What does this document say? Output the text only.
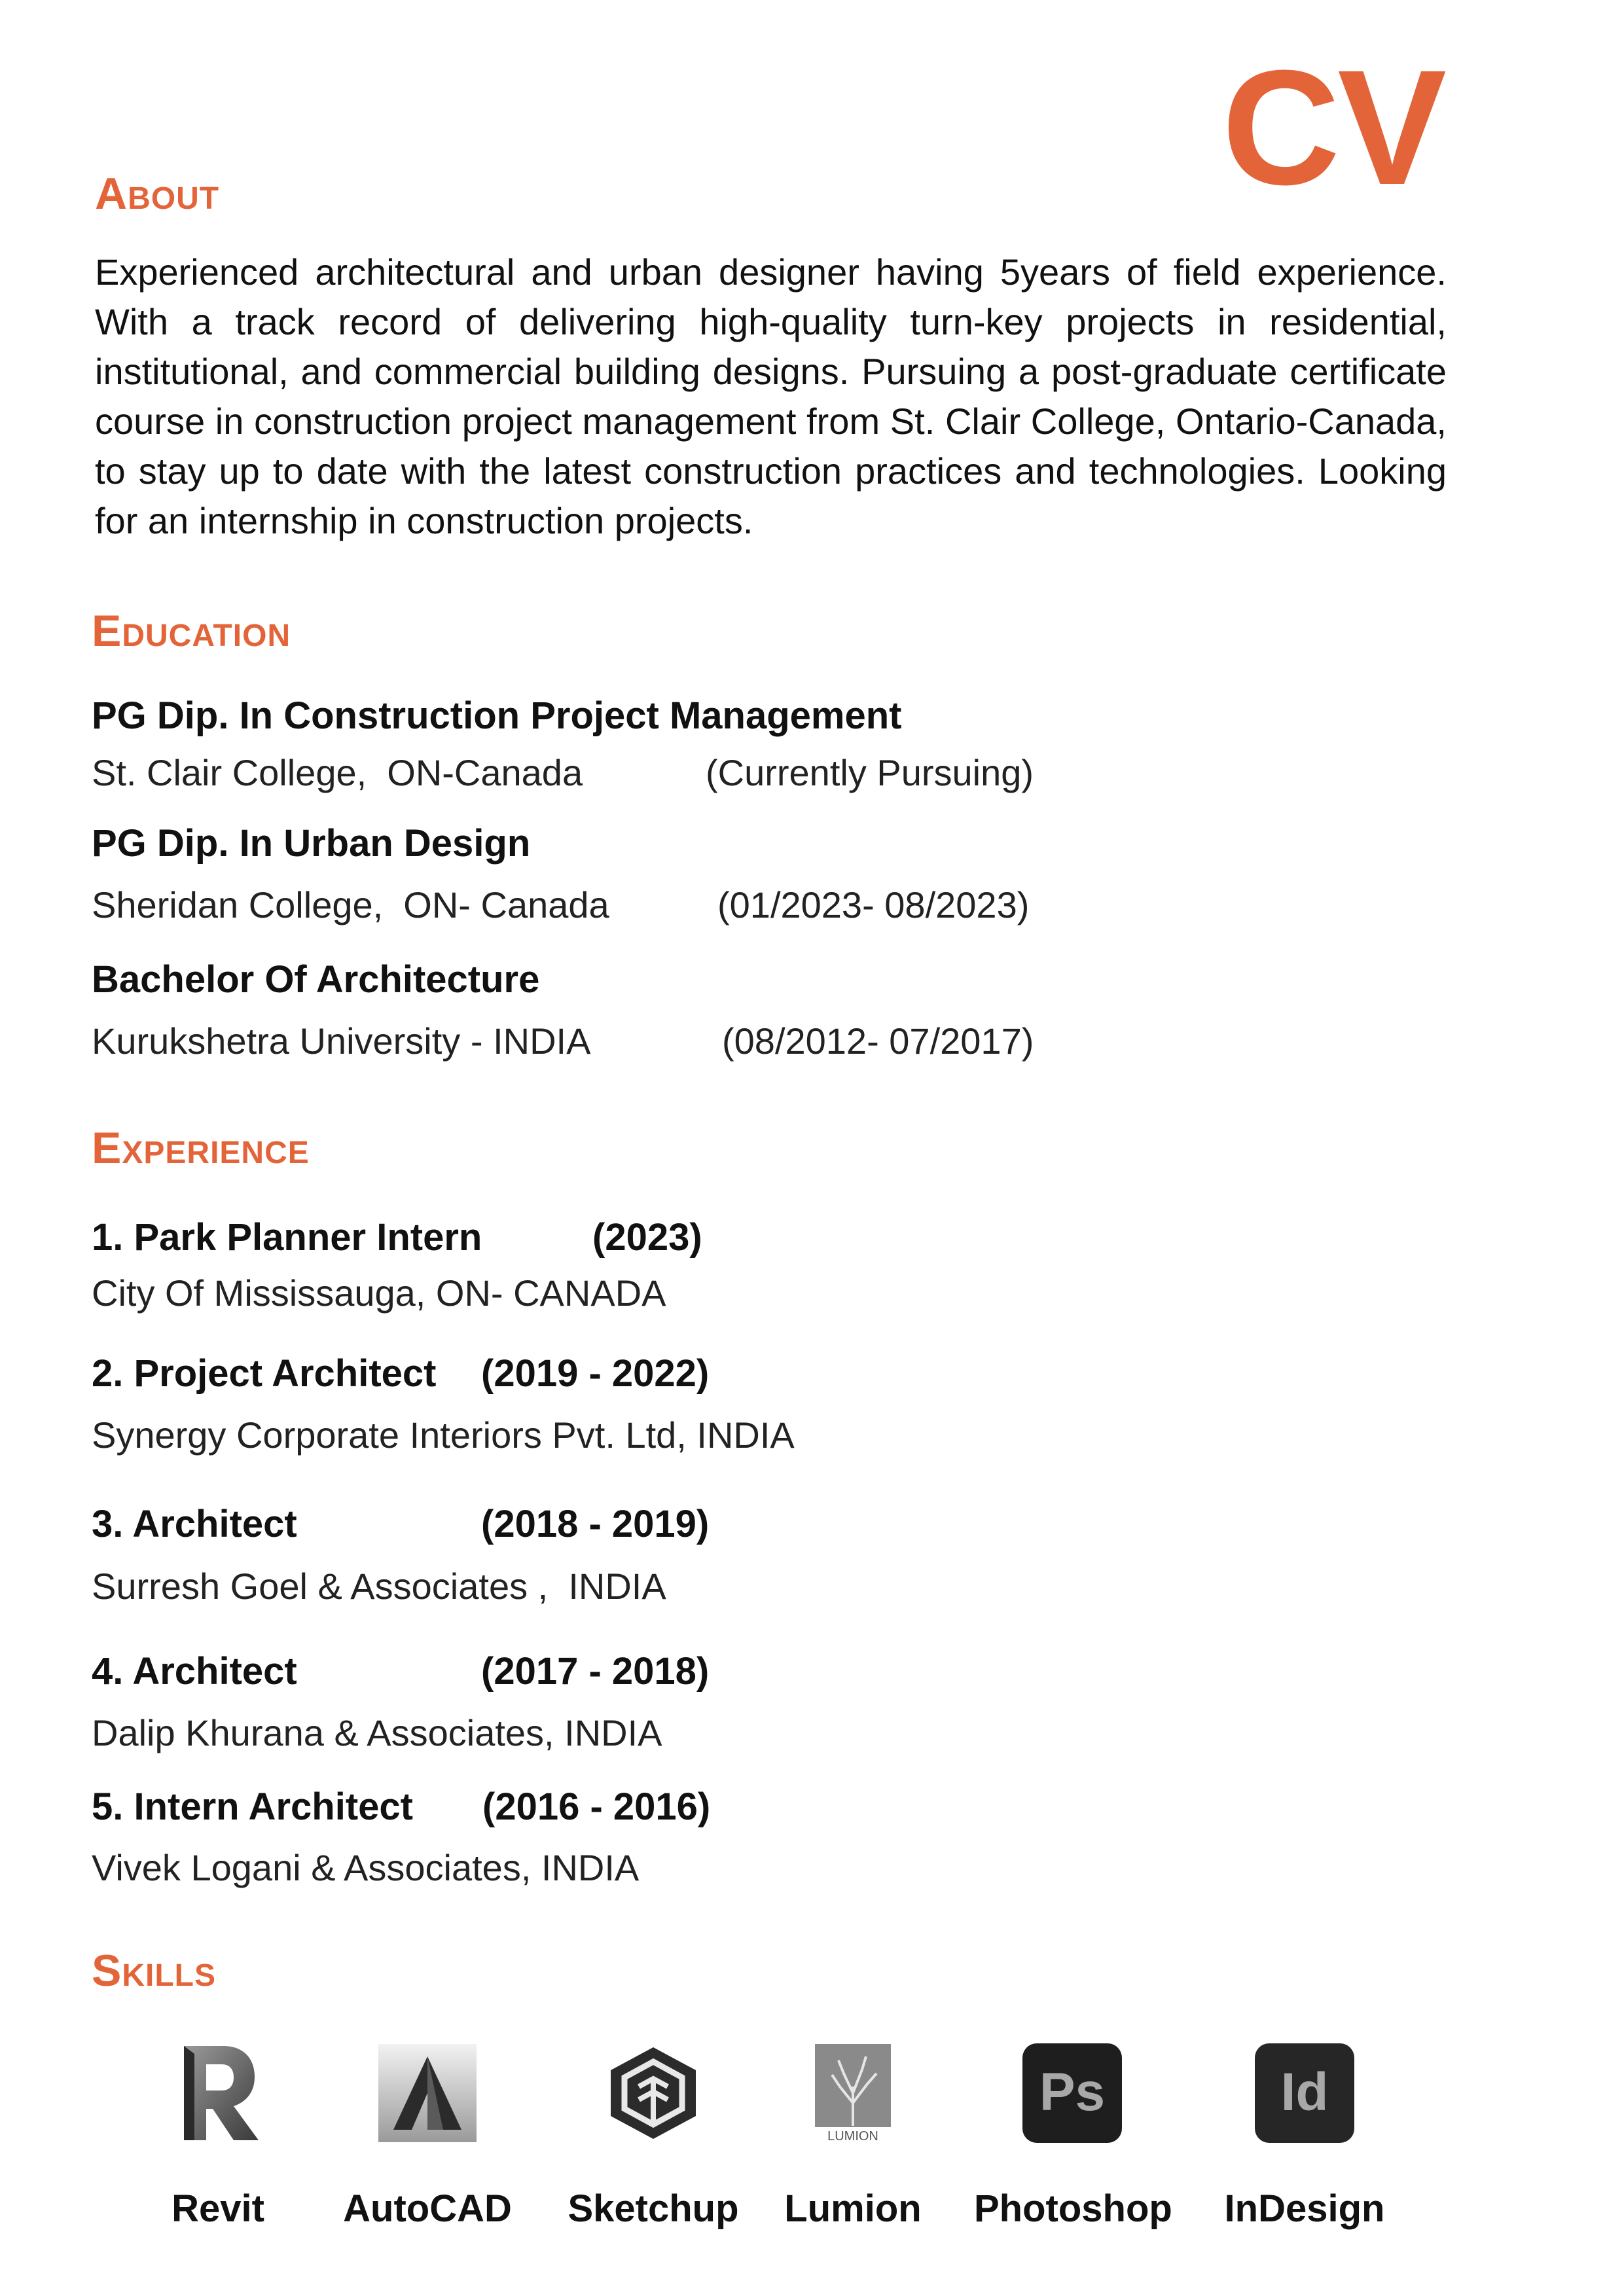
CV
About
Experienced architectural and urban designer having 5years of field experience. With a track record of delivering high-quality turn-key projects in residential, institutional, and commercial building designs. Pursuing a post-graduate certificate course in construction project management from St. Clair College, Ontario-Canada, to stay up to date with the latest construction practices and technologies. Looking for an internship in construction projects.
Education
PG Dip. In Construction Project Management
St. Clair College,  ON-Canada	(Currently Pursuing)
PG Dip. In Urban Design
Sheridan College,  ON- Canada	(01/2023- 08/2023)
Bachelor Of Architecture
Kurukshetra University - INDIA	(08/2012- 07/2017)
Experience
1. Park Planner Intern	(2023)
City Of Mississauga, ON- CANADA
2. Project Architect (2019 - 2022)
Synergy Corporate Interiors Pvt. Ltd, INDIA
3. Architect	(2018 - 2019)
Surresh Goel & Associates ,  INDIA
4. Architect	(2017 - 2018)
Dalip Khurana & Associates, INDIA
5. Intern Architect (2016 - 2016)
Vivek Logani & Associates, INDIA
Skills
Revit	AutoCAD	Sketchup
LUMION
Lumion
Ps
Photoshop
Id
InDesign
